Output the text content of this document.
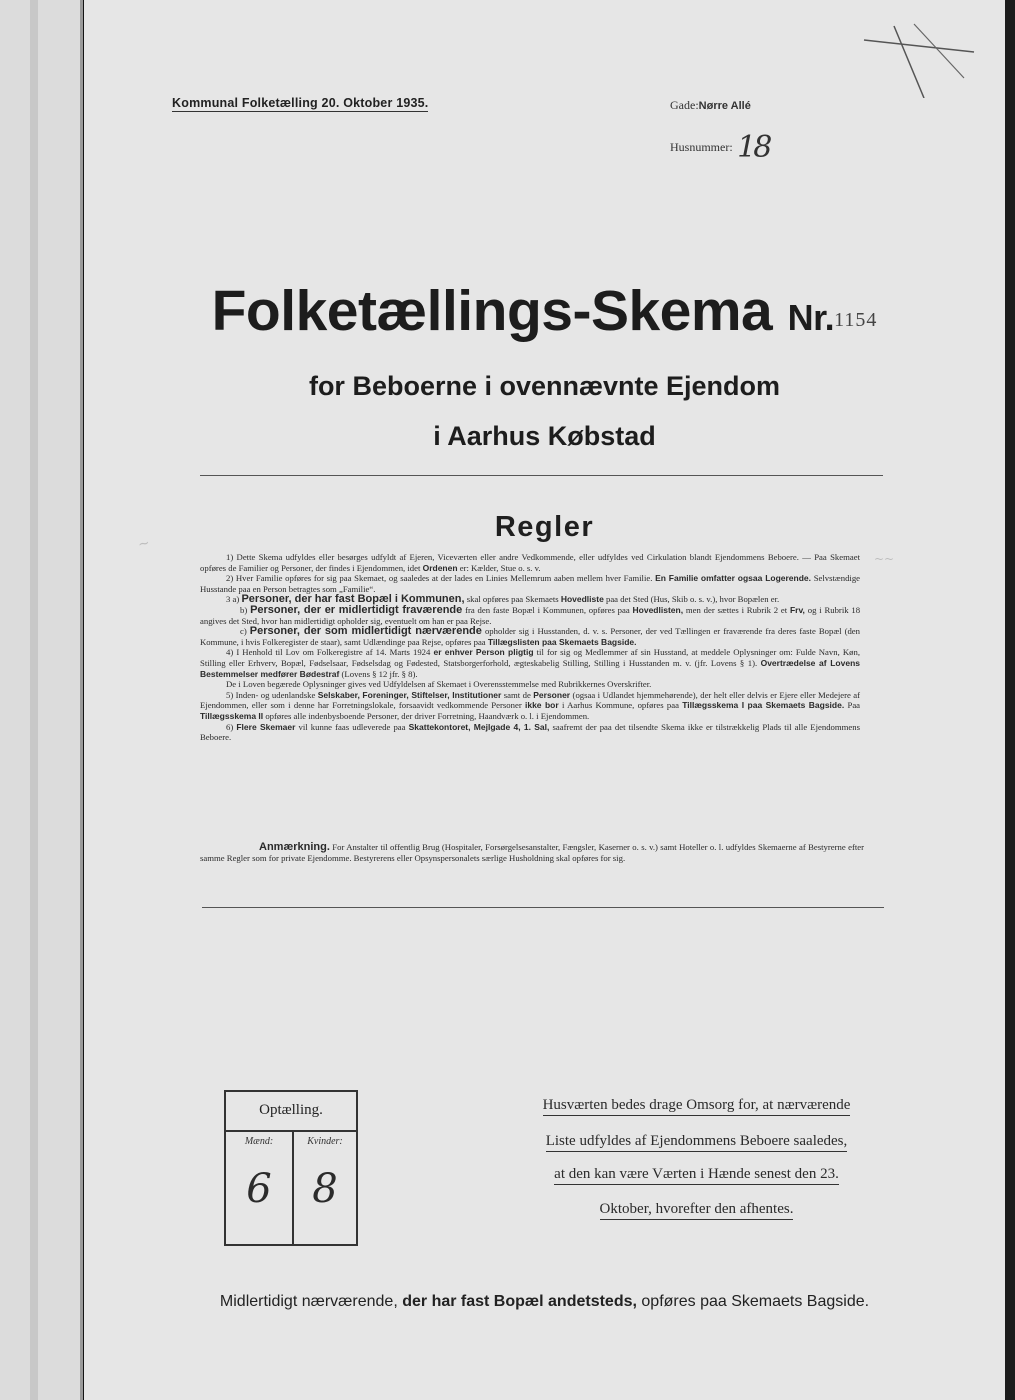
~
~~
Kommunal Folketælling 20. Oktober 1935.	Gade:Nørre Allé
Husnummer: 18
Folketællings-Skema Nr.1154
for Beboerne i ovennævnte Ejendom
i Aarhus Købstad
Regler

1) Dette Skema udfyldes eller besørges udfyldt af Ejeren, Viceværten eller andre Vedkommende, eller udfyldes ved Cirkulation blandt Ejendommens Beboere. — Paa Skemaet opføres de Familier og Personer, der findes i Ejendommen, idet Ordenen er: Kælder, Stue o. s. v.

2) Hver Familie opføres for sig paa Skemaet, og saaledes at der lades en Linies Mellemrum aaben mellem hver Familie. En Familie omfatter ogsaa Logerende. Selvstændige Husstande paa en Person betragtes som „Familie“.

3 a) Personer, der har fast Bopæl i Kommunen, skal opføres paa Skemaets Hovedliste paa det Sted (Hus, Skib o. s. v.), hvor Bopælen er.

b) Personer, der er midlertidigt fraværende fra den faste Bopæl i Kommunen, opføres paa Hovedlisten, men der sættes i Rubrik 2 et Frv, og i Rubrik 18 angives det Sted, hvor han midlertidigt opholder sig, eventuelt om han er paa Rejse.

c) Personer, der som midlertidigt nærværende opholder sig i Husstanden, d. v. s. Personer, der ved Tællingen er fraværende fra deres faste Bopæl (den Kommune, i hvis Folkeregister de staar), samt Udlændinge paa Rejse, opføres paa Tillægslisten paa Skemaets Bagside.

4) I Henhold til Lov om Folkeregistre af 14. Marts 1924 er enhver Person pligtig til for sig og Medlemmer af sin Husstand, at meddele Oplysninger om: Fulde Navn, Køn, Stilling eller Erhverv, Bopæl, Fødselsaar, Fødselsdag og Fødested, Statsborgerforhold, ægteskabelig Stilling, Stilling i Husstanden m. v. (jfr. Lovens § 1). Overtrædelse af Lovens Bestemmelser medfører Bødestraf (Lovens § 12 jfr. § 8).

De i Loven begærede Oplysninger gives ved Udfyldelsen af Skemaet i Overensstemmelse med Rubrikkernes Overskrifter.

5) Inden- og udenlandske Selskaber, Foreninger, Stiftelser, Institutioner samt de Personer (ogsaa i Udlandet hjemmehørende), der helt eller delvis er Ejere eller Medejere af Ejendommen, eller som i denne har Forretningslokale, forsaavidt vedkommende Personer ikke bor i Aarhus Kommune, opføres paa Tillægsskema I paa Skemaets Bagside. Paa Tillægsskema II opføres alle indenbysboende Personer, der driver Forretning, Haandværk o. l. i Ejendommen.

6) Flere Skemaer vil kunne faas udleverede paa Skattekontoret, Mejlgade 4, 1. Sal, saafremt der paa det tilsendte Skema ikke er tilstrækkelig Plads til alle Ejendommens Beboere.

Anmærkning. For Anstalter til offentlig Brug (Hospitaler, Forsørgelsesanstalter, Fængsler, Kaserner o. s. v.) samt Hoteller o. l. udfyldes Skemaerne af Bestyrerne efter samme Regler som for private Ejendomme. Bestyrerens eller Opsynspersonalets særlige Husholdning skal opføres for sig.
Optælling.
Mænd:	Kvinder:
6	8
Husværten bedes drage Omsorg for, at nærværende
Liste udfyldes af Ejendommens Beboere saaledes,
at den kan være Værten i Hænde senest den 23.
Oktober, hvorefter den afhentes.
Midlertidigt nærværende, der har fast Bopæl andetsteds, opføres paa Skemaets Bagside.
